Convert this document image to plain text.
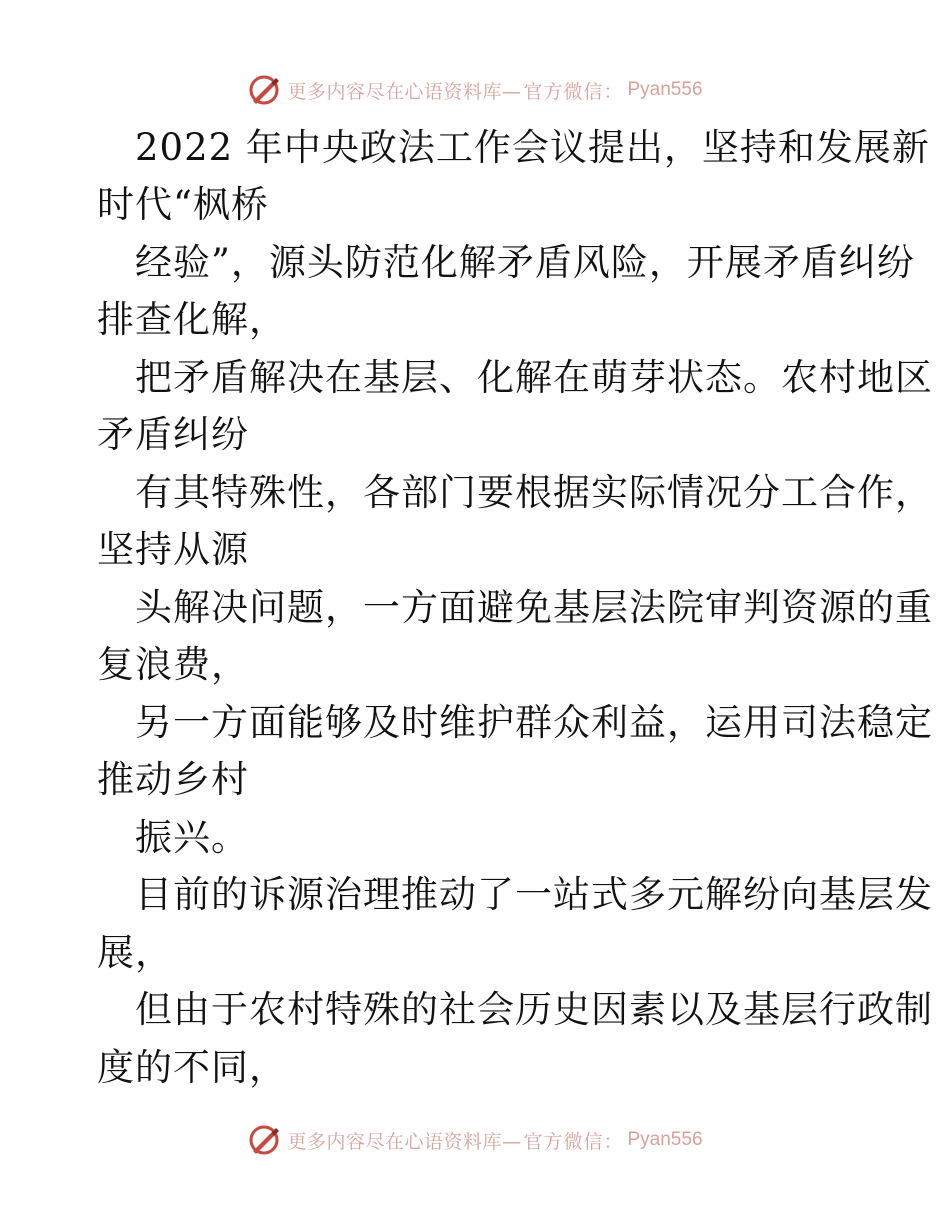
更多内容尽在心语资料库— 官方微信： Pyan556
2022 年中央政法工作会议提出，坚持和发展新
时代“枫桥
经验”，源头防范化解矛盾风险，开展矛盾纠纷
排查化解，
把矛盾解决在基层、化解在萌芽状态。农村地区
矛盾纠纷
有其特殊性，各部门要根据实际情况分工合作，
坚持从源
头解决问题，一方面避免基层法院审判资源的重
复浪费，
另一方面能够及时维护群众利益，运用司法稳定
推动乡村
振兴。
目前的诉源治理推动了一站式多元解纷向基层发
展，
但由于农村特殊的社会历史因素以及基层行政制
度的不同，
更多内容尽在心语资料库— 官方微信： Pyan556
